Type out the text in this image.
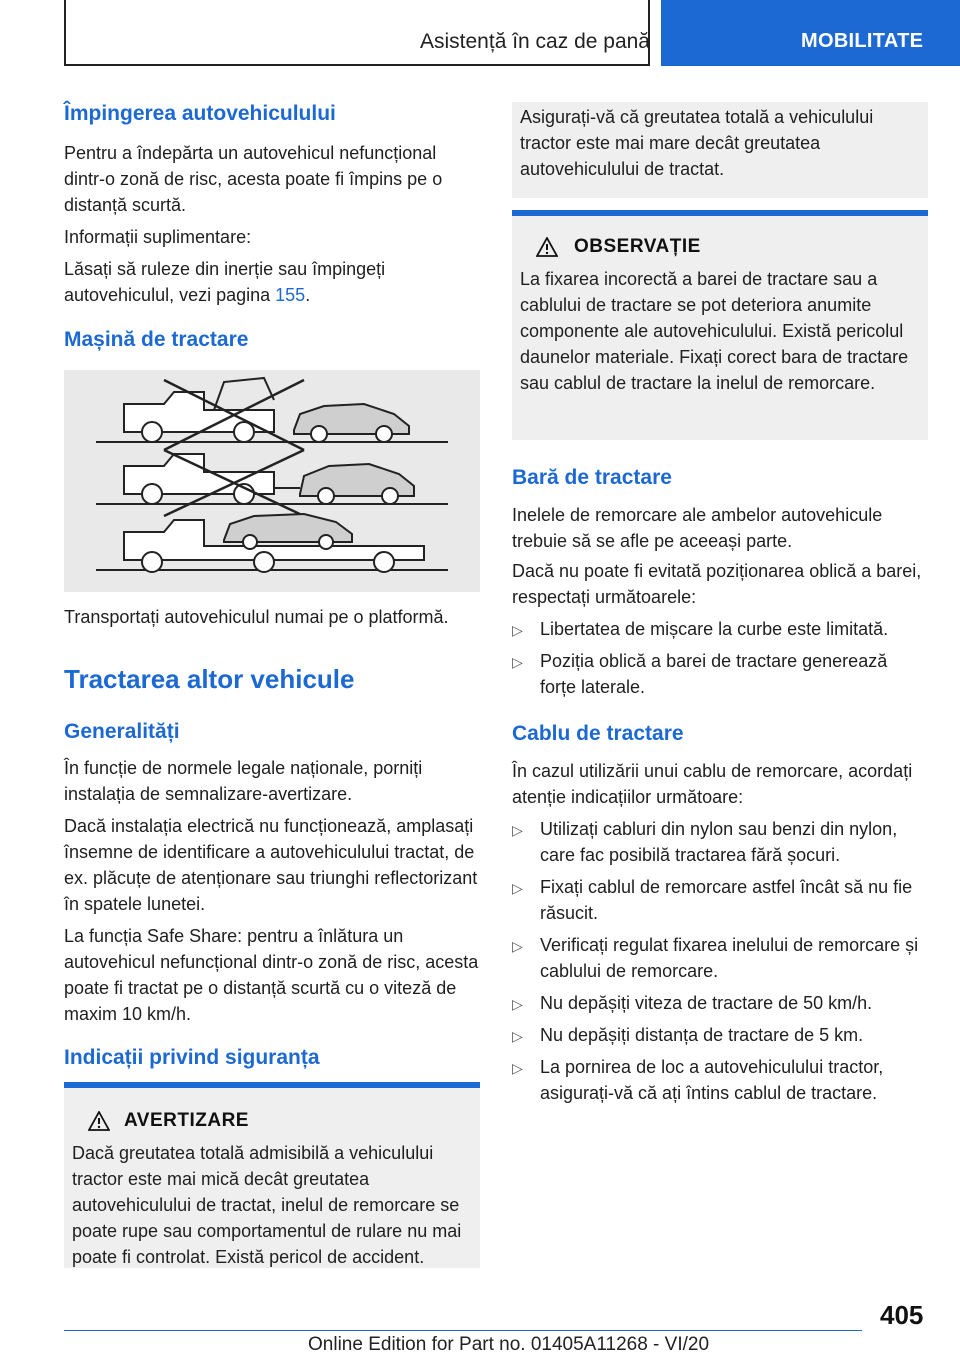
Asistență în caz de pană	MOBILITATE
Împingerea autovehiculului

Pentru a îndepărta un autovehicul nefuncțional dintr-o zonă de risc, acesta poate fi împins pe o distanță scurtă.

Informații suplimentare:

Lăsați să ruleze din inerție sau împingeți autovehiculul, vezi pagina 155.

Mașină de tractare

Transportați autovehiculul numai pe o platformă.

Tractarea altor vehicule
Generalități

În funcție de normele legale naționale, porniți instalația de semnalizare-avertizare.

Dacă instalația electrică nu funcționează, amplasați însemne de identificare a autovehiculului tractat, de ex. plăcuțe de atenționare sau triunghi reflectorizant în spatele lunetei.

La funcția Safe Share: pentru a înlătura un autovehicul nefuncțional dintr-o zonă de risc, acesta poate fi tractat pe o distanță scurtă cu o viteză de maxim 10 km/h.

Indicații privind siguranța
AVERTIZARE

Dacă greutatea totală admisibilă a vehiculului tractor este mai mică decât greutatea autovehiculului de tractat, inelul de remorcare se poate rupe sau comportamentul de rulare nu mai poate fi controlat. Există pericol de accident.

Asigurați-vă că greutatea totală a vehiculului tractor este mai mare decât greutatea autovehiculului de tractat.

OBSERVAȚIE

La fixarea incorectă a barei de tractare sau a cablului de tractare se pot deteriora anumite componente ale autovehiculului. Există pericolul daunelor materiale. Fixați corect bara de tractare sau cablul de tractare la inelul de remorcare.

Bară de tractare

Inelele de remorcare ale ambelor autovehicule trebuie să se afle pe aceeași parte.

Dacă nu poate fi evitată poziționarea oblică a barei, respectați următoarele:

▷ Libertatea de mișcare la curbe este limitată.
▷ Poziția oblică a barei de tractare generează forțe laterale.
Cablu de tractare

În cazul utilizării unui cablu de remorcare, acordați atenție indicațiilor următoare:

▷ Utilizați cabluri din nylon sau benzi din nylon, care fac posibilă tractarea fără șocuri.
▷ Fixați cablul de remorcare astfel încât să nu fie răsucit.
▷ Verificați regulat fixarea inelului de remorcare și cablului de remorcare.
▷ Nu depășiți viteza de tractare de 50 km/h.
▷ Nu depășiți distanța de tractare de 5 km.
▷ La pornirea de loc a autovehiculului tractor, asigurați-vă că ați întins cablul de tractare.
405
Online Edition for Part no. 01405A11268 - VI/20
